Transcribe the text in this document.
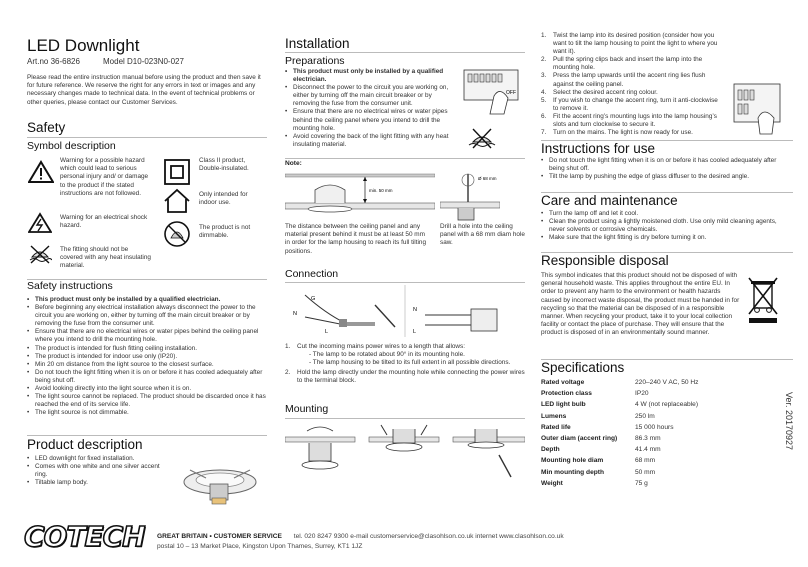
LED Downlight
Art.no 36-6826	Model D10-023N0-027
Please read the entire instruction manual before using the product and then save it for future reference. We reserve the right for any errors in text or images and any necessary changes made to technical data. In the event of technical problems or other queries, please contact our Customer Services.
Safety
Symbol description
Warning for a possible hazard which could lead to serious personal injury and/ or damage to the product if the stated instructions are not followed.
Warning for an electrical shock hazard.
The fitting should not be covered with any heat insulating material.
Class II product, Double-insulated.
Only intended for indoor use.
The product is not dimmable.
Safety instructions
• This product must only be installed by a qualified electrician.
• Before beginning any electrical installation always disconnect the power to the circuit you are working on, either by turning off the main circuit breaker or by removing the fuse from the consumer unit.
• Ensure that there are no electrical wires or water pipes behind the ceiling panel where you intend to drill the mounting hole.
• The product is intended for flush fitting ceiling installation.
• The product is intended for indoor use only (IP20).
• Min 20 cm distance from the light source to the closest surface.
• Do not touch the light fitting when it is on or before it has cooled adequately after being shut off.
• Avoid looking directly into the light source when it is on.
• The light source cannot be replaced. The product should be discarded once it has reached the end of its service life.
• The light source is not dimmable.
Product description
• LED downlight for fixed installation.
• Comes with one white and one silver accent ring.
• Tiltable lamp body.
Installation
Preparations
• This product must only be installed by a qualified electrician.
• Disconnect the power to the circuit you are working on, either by turning off the main circuit breaker or by removing the fuse from the consumer unit.
• Ensure that there are no electrical wires or water pipes behind the ceiling panel where you intend to drill the mounting hole.
• Avoid covering the back of the light fitting with any heat insulating material.
OFF
Note:
min. 50 mm
Ø 68 mm
The distance between the ceiling panel and any material present behind it must be at least 50 mm in order for the lamp housing to reach its full tilting positions.
Drill a hole into the ceiling panel with a 68 mm diam hole saw.
Connection
G
N
L
N
L
1. Cut the incoming mains power wires to a length that allows:
- The lamp to be rotated about 90° in its mounting hole.
- The lamp housing to be tilted to its full extent in all possible directions.
2. Hold the lamp directly under the mounting hole while connecting the power wires to the terminal block.
Mounting
1. Twist the lamp into its desired position (consider how you want to tilt the lamp housing to point the light to where you want it).
2. Pull the spring clips back and insert the lamp into the mounting hole.
3. Press the lamp upwards until the accent ring lies flush against the ceiling panel.
4. Select the desired accent ring colour.
5. If you wish to change the accent ring, turn it anti-clockwise to remove it.
6. Fit the accent ring’s mounting lugs into the lamp housing’s slots and turn clockwise to secure it.
7. Turn on the mains. The light is now ready for use.
Instructions for use
• Do not touch the light fitting when it is on or before it has cooled adequately after being shut off.
• Tilt the lamp by pushing the edge of glass diffuser to the desired angle.
Care and maintenance
• Turn the lamp off and let it cool.
• Clean the product using a lightly moistened cloth. Use only mild cleaning agents, never solvents or corrosive chemicals.
• Make sure that the light fitting is dry before turning it on.
Responsible disposal
This symbol indicates that this product should not be disposed of with general household waste. This applies throughout the entire EU. In order to prevent any harm to the environment or health hazards caused by incorrect waste disposal, the product must be handed in for recycling so that the material can be disposed of in a responsible manner. When recycling your product, take it to your local collection facility or contact the place of purchase. They will ensure that the product is disposed of in an environmentally sound manner.
Specifications
Rated voltage	220–240 V AC, 50 Hz
Protection class	IP20
LED light bulb	4 W (not replaceable)
Lumens	250 lm
Rated life	15 000 hours
Outer diam (accent ring)	86.3 mm
Depth	41.4 mm
Mounting hole diam	68 mm
Min mounting depth	50 mm
Weight	75 g
Ver. 20170927
COTECH GREAT BRITAIN • CUSTOMER SERVICE tel. 020 8247 9300 e-mail customerservice@clasohlson.co.uk internet www.clasohlson.co.uk
postal 10 – 13 Market Place, Kingston Upon Thames, Surrey, KT1 1JZ
